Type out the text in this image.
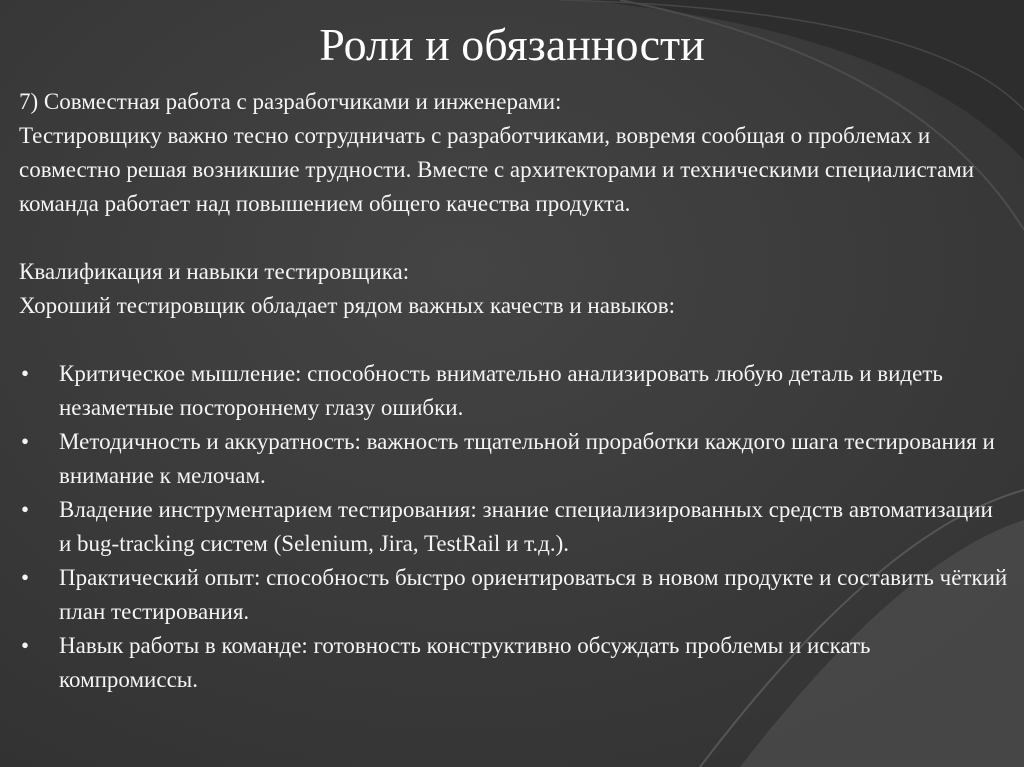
Роли и обязанности

7) Совместная работа с разработчиками и инженерами:

Тестировщику важно тесно сотрудничать с разработчиками, вовремя сообщая о проблемах и совместно решая возникшие трудности. Вместе с архитекторами и техническими специалистами команда работает над повышением общего качества продукта.

Квалификация и навыки тестировщика:

Хороший тестировщик обладает рядом важных качеств и навыков:

•	Критическое мышление: способность внимательно анализировать любую деталь и видеть незаметные постороннему глазу ошибки.
•	Методичность и аккуратность: важность тщательной проработки каждого шага тестирования и внимание к мелочам.
•	Владение инструментарием тестирования: знание специализированных средств автоматизации и bug-tracking систем (Selenium, Jira, TestRail и т.д.).
•	Практический опыт: способность быстро ориентироваться в новом продукте и составить чёткий план тестирования.
•	Навык работы в команде: готовность конструктивно обсуждать проблемы и искать компромиссы.
